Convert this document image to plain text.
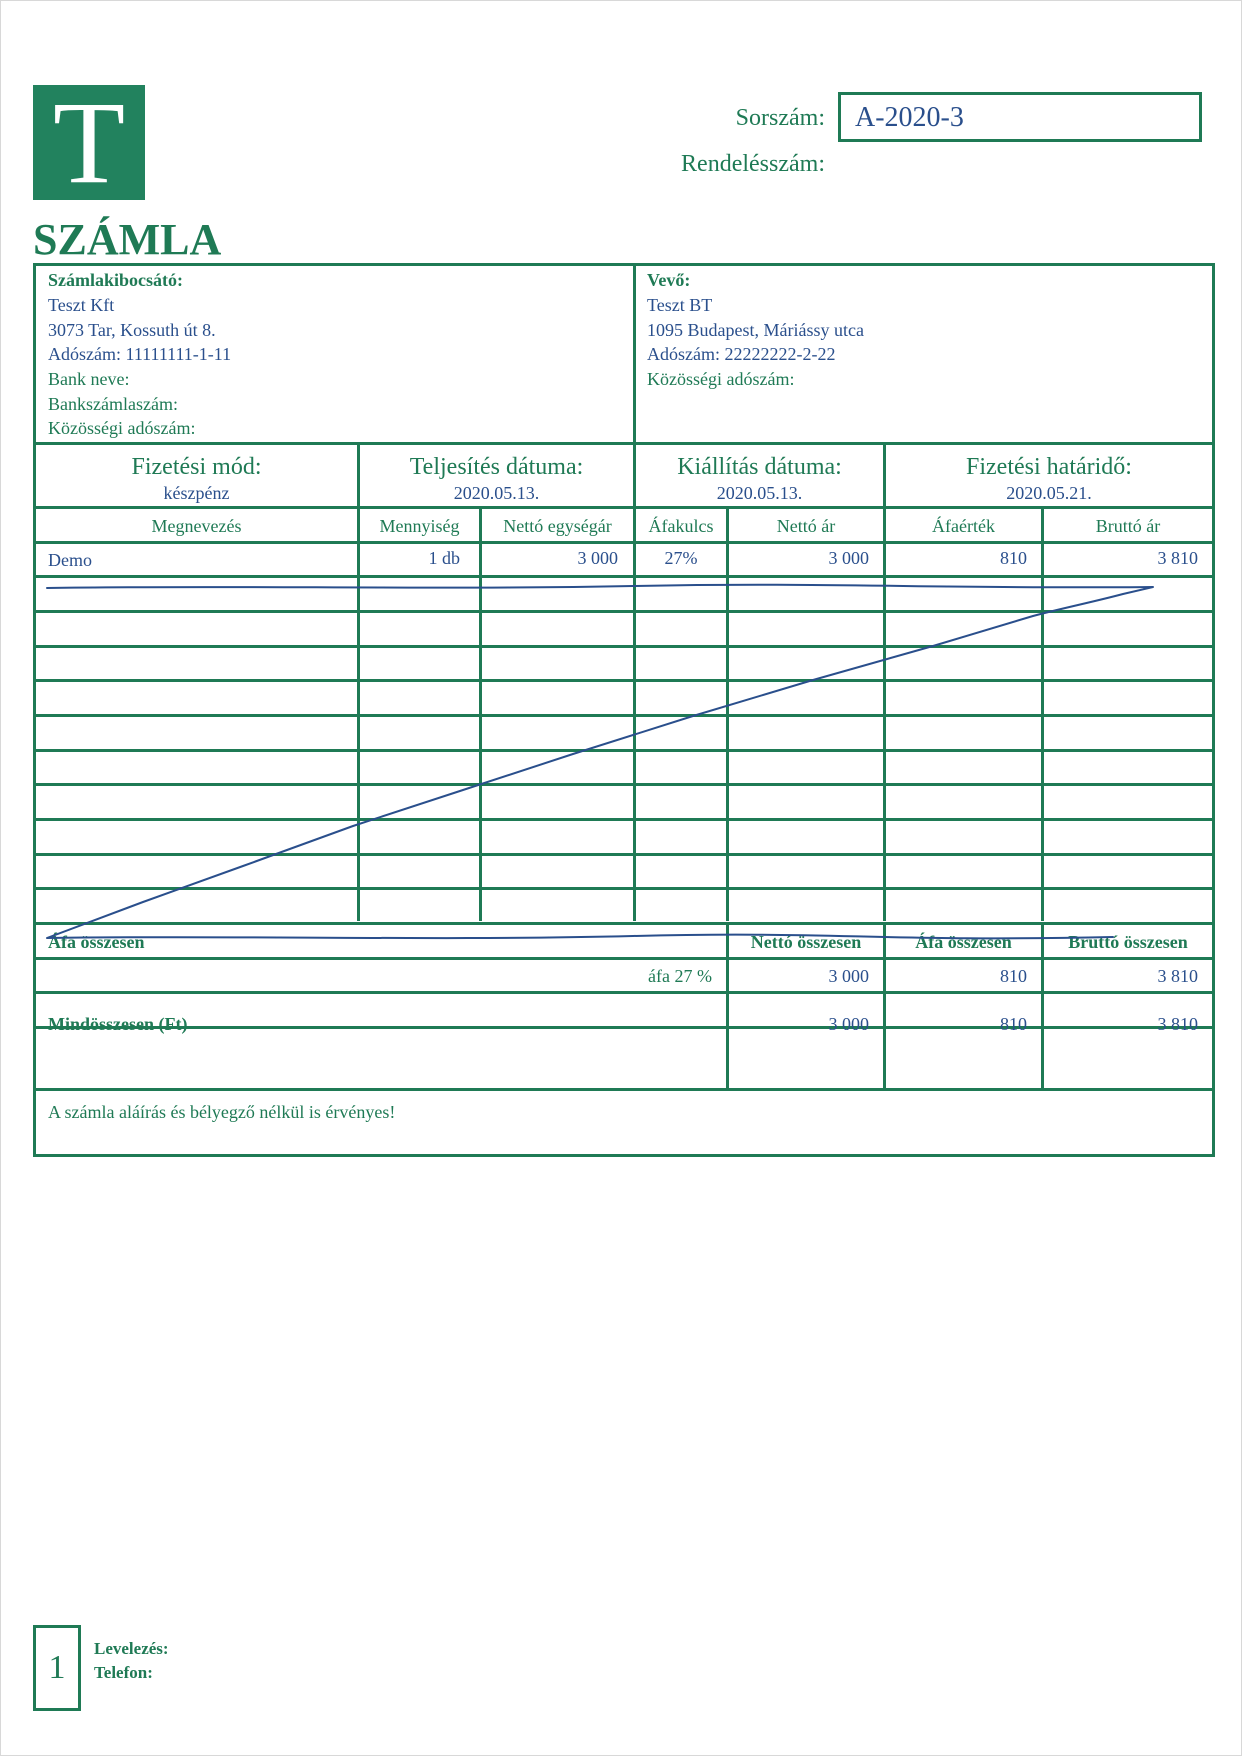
T
SZÁMLA
Sorszám:
Rendelésszám:
A-2020-3
Számlakibocsátó:
Teszt Kft
3073 Tar, Kossuth út 8.
Adószám: 11111111-1-11
Bank neve:
Bankszámlaszám:
Közösségi adószám:
Vevő:
Teszt BT
1095 Budapest, Máriássy utca
Adószám: 22222222-2-22
Közösségi adószám:
Fizetési mód:
készpénz
Teljesítés dátuma:
2020.05.13.
Kiállítás dátuma:
2020.05.13.
Fizetési határidő:
2020.05.21.
Megnevezés	Mennyiség	Nettó egységár	Áfakulcs	Nettó ár	Áfaérték	Bruttó ár
Demo	1 db	3 000	27%	3 000	810	3 810
Áfa összesen	Nettó összesen	Áfa összesen	Bruttó összesen
áfa 27 %	3 000	810	3 810
Mindösszesen (Ft)	3 000	810	3 810
A számla aláírás és bélyegző nélkül is érvényes!
1
Levelezés:
Telefon:
